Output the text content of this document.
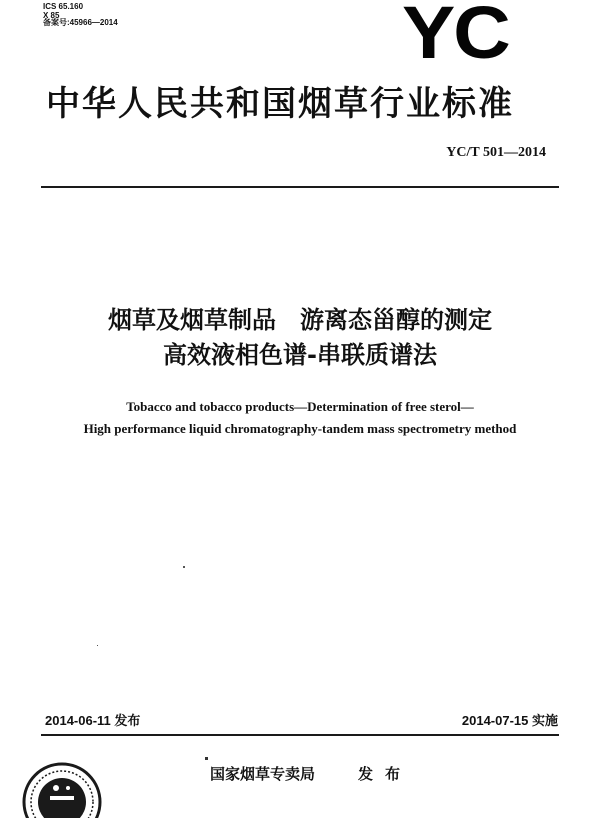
ICS 65.160
X 85
备案号:45966—2014	YC
中华人民共和国烟草行业标准
YC/T 501—2014
烟草及烟草制品　游离态甾醇的测定
高效液相色谱-串联质谱法
Tobacco and tobacco products—Determination of free sterol—
High performance liquid chromatography-tandem mass spectrometry method
2014-06-11 发布	2014-07-15 实施
国家烟草专卖局	发布
